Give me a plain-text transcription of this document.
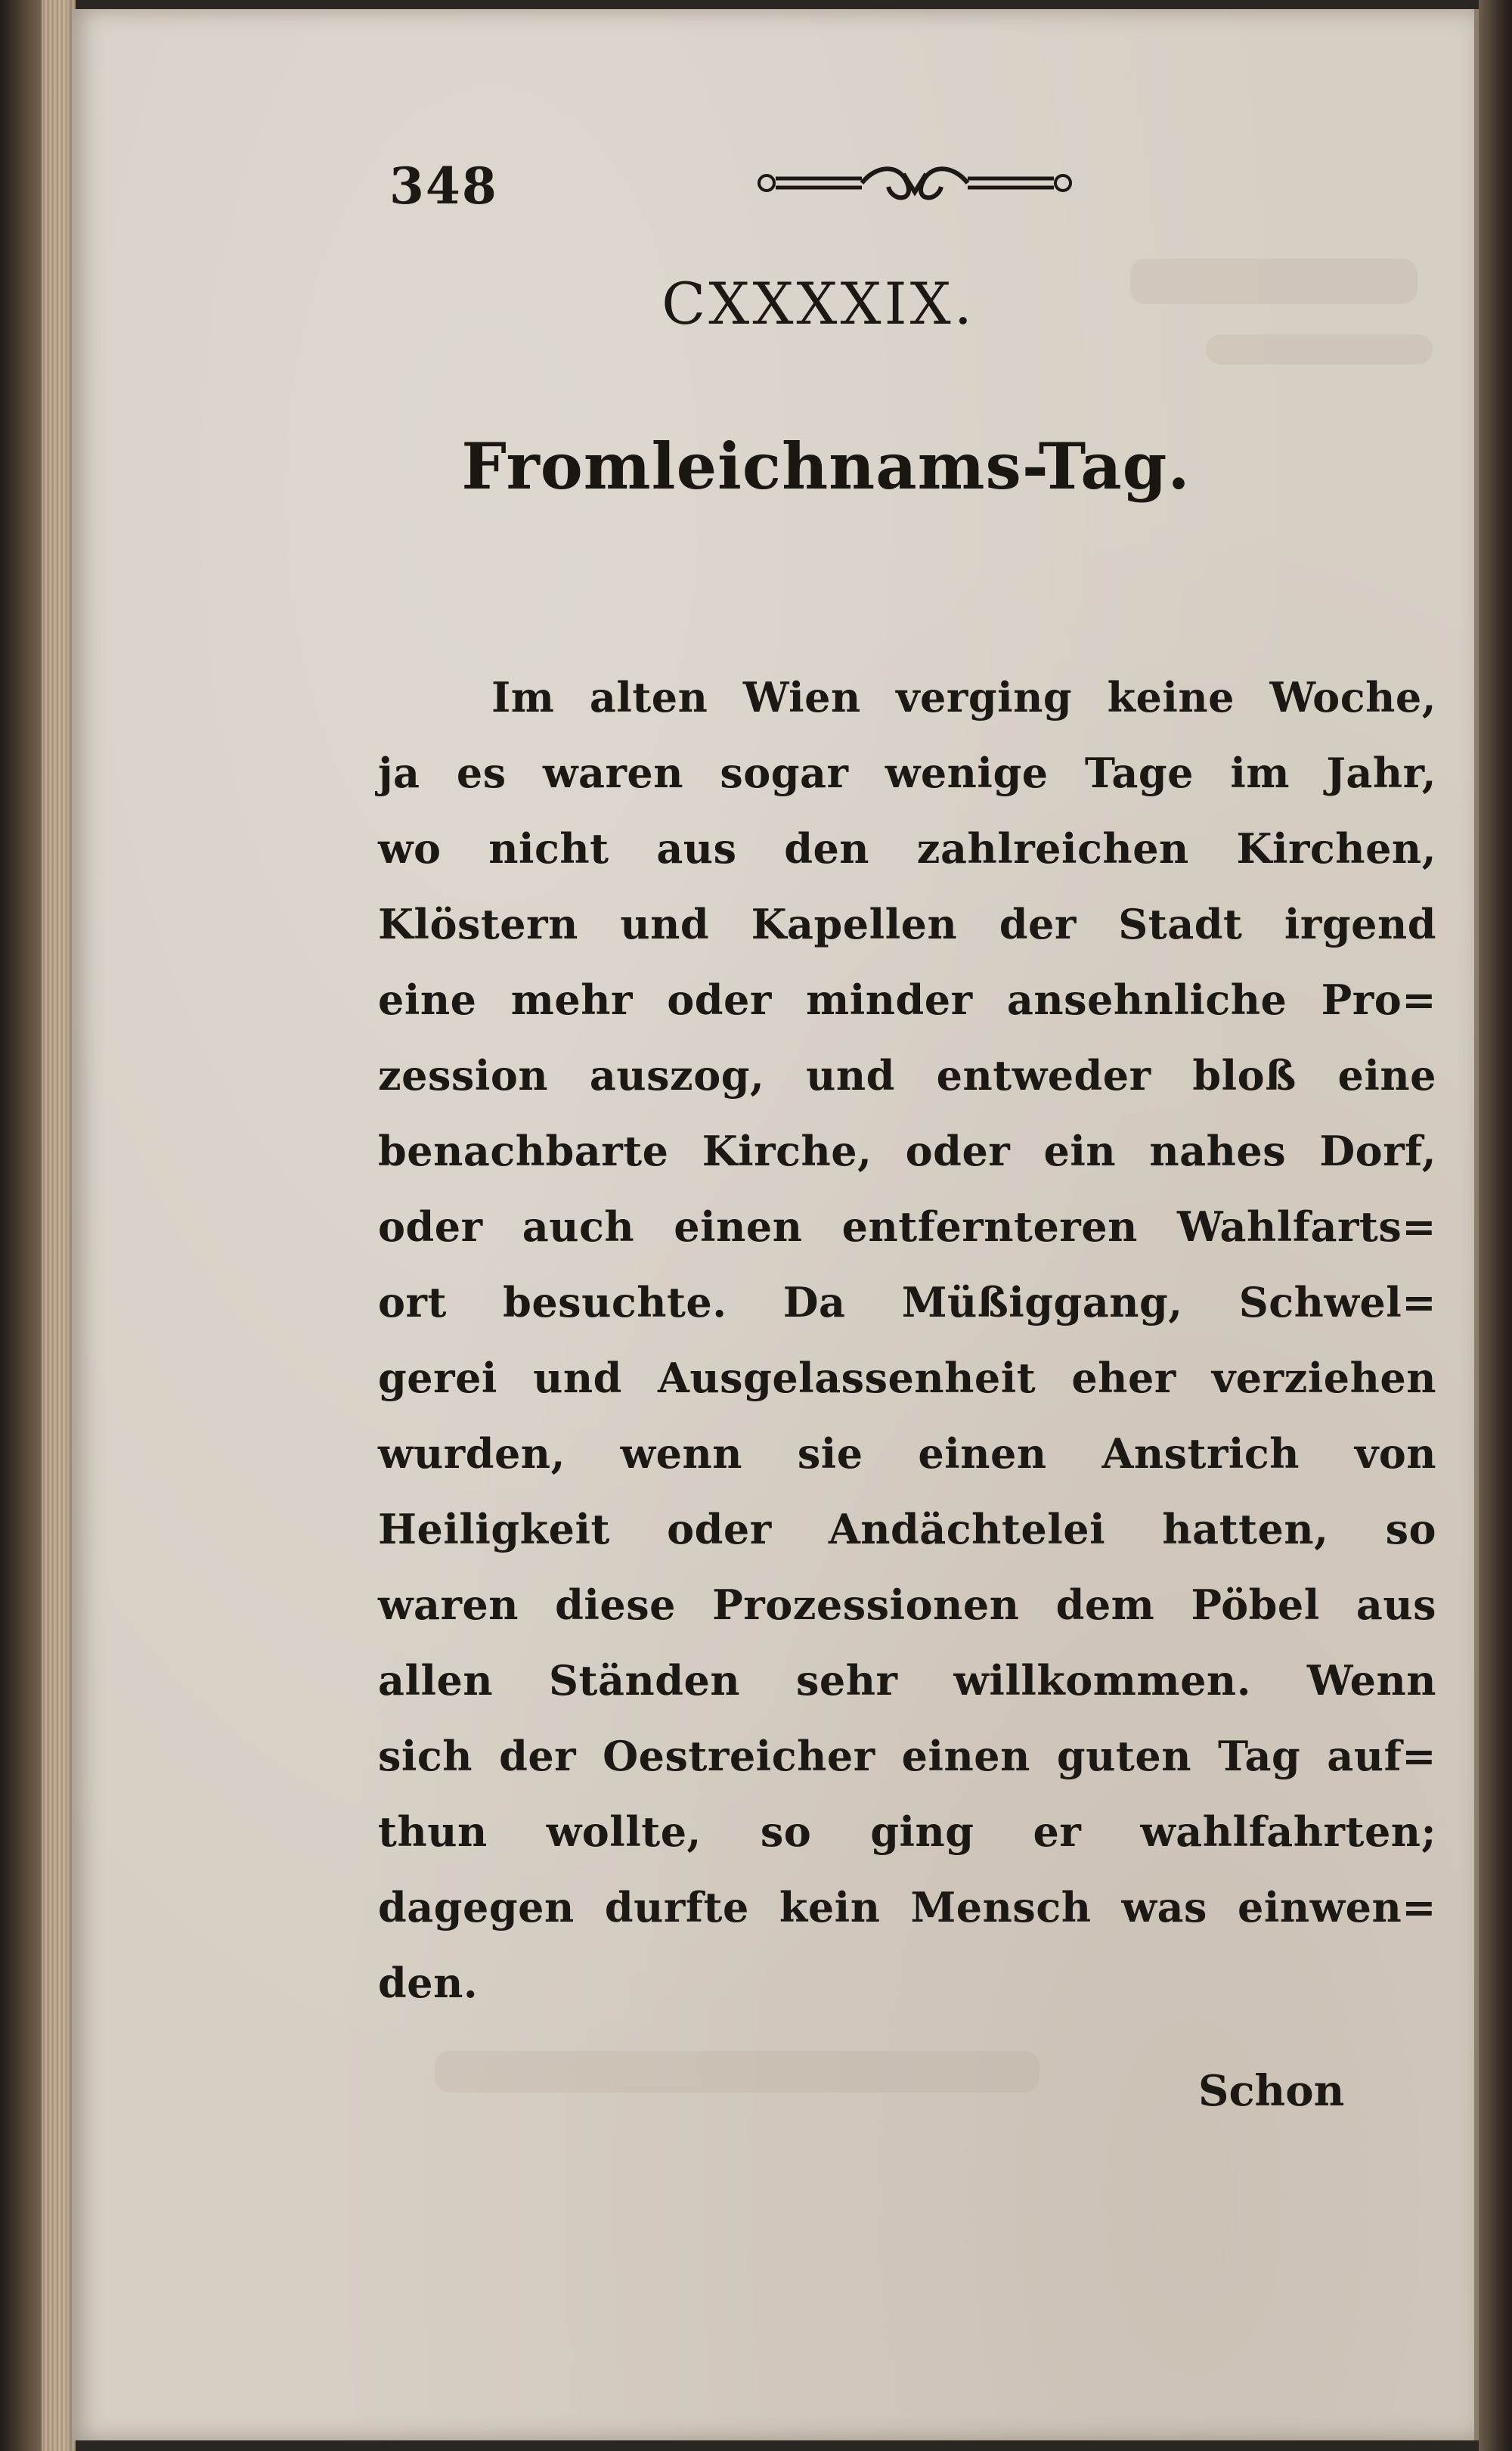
348
CXXXXIX.
Fromleichnams-Tag.
Im alten Wien verging keine Woche,
ja es waren sogar wenige Tage im Jahr,
wo nicht aus den zahlreichen Kirchen,
Klöstern und Kapellen der Stadt irgend
eine mehr oder minder ansehnliche Pro=
zession auszog, und entweder bloß eine
benachbarte Kirche, oder ein nahes Dorf,
oder auch einen entfernteren Wahlfarts=
ort besuchte. Da Müßiggang, Schwel=
gerei und Ausgelassenheit eher verziehen
wurden, wenn sie einen Anstrich von
Heiligkeit oder Andächtelei hatten, so
waren diese Prozessionen dem Pöbel aus
allen Ständen sehr willkommen. Wenn
sich der Oestreicher einen guten Tag auf=
thun wollte, so ging er wahlfahrten;
dagegen durfte kein Mensch was einwen=
den.
Schon
